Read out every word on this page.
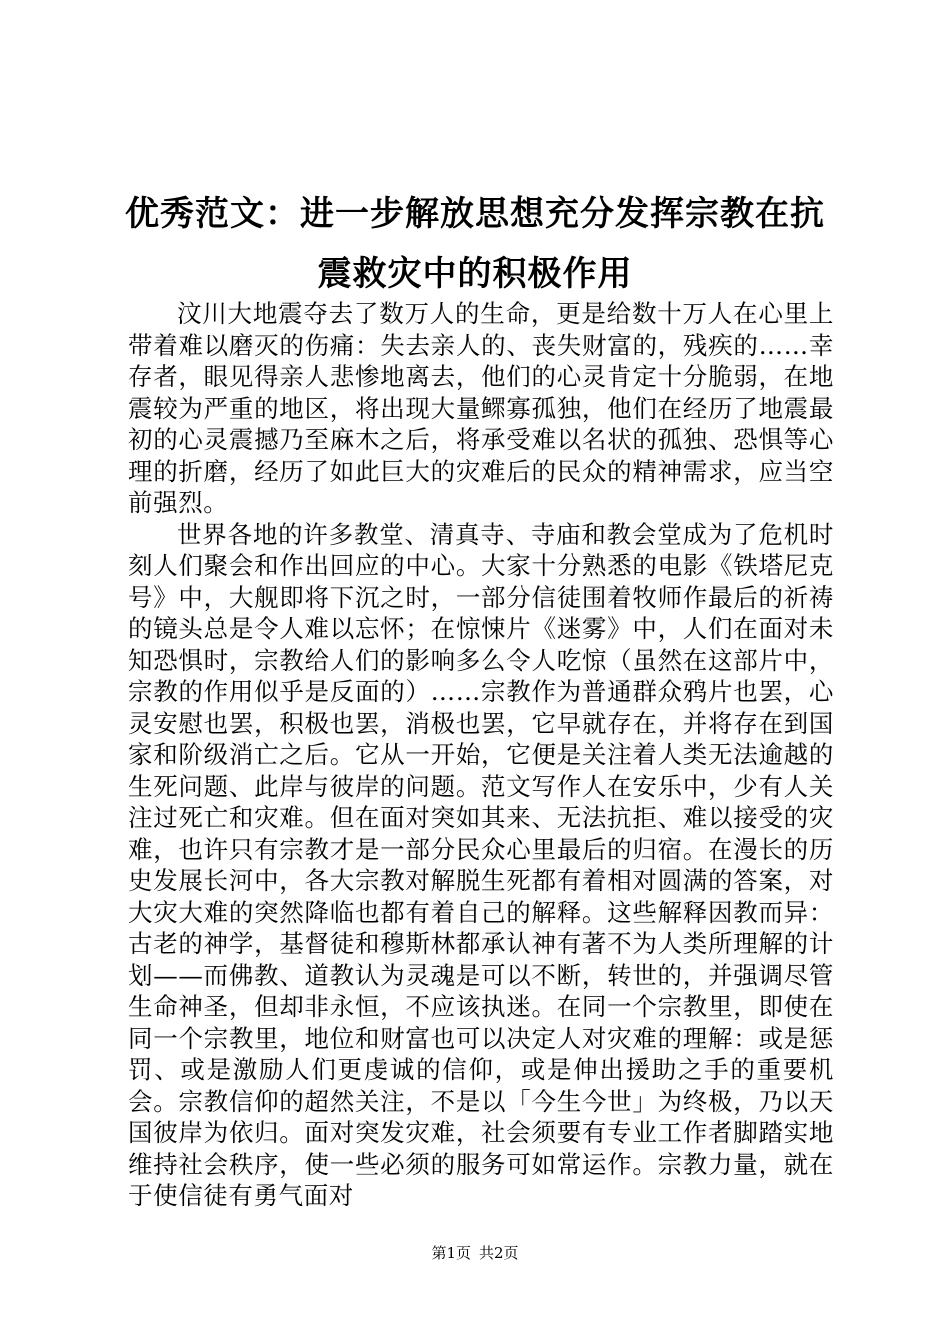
优秀范文：进一步解放思想充分发挥宗教在抗震救灾中的积极作用

汶川大地震夺去了数万人的生命，更是给数十万人在心里上带着难以磨灭的伤痛：失去亲人的、丧失财富的，残疾的……幸存者，眼见得亲人悲惨地离去，他们的心灵肯定十分脆弱，在地震较为严重的地区，将出现大量鳏寡孤独，他们在经历了地震最初的心灵震撼乃至麻木之后，将承受难以名状的孤独、恐惧等心理的折磨，经历了如此巨大的灾难后的民众的精神需求，应当空前强烈。

世界各地的许多教堂、清真寺、寺庙和教会堂成为了危机时刻人们聚会和作出回应的中心。大家十分熟悉的电影《铁塔尼克号》中，大舰即将下沉之时，一部分信徒围着牧师作最后的祈祷的镜头总是令人难以忘怀；在惊悚片《迷雾》中，人们在面对未知恐惧时，宗教给人们的影响多么令人吃惊（虽然在这部片中，宗教的作用似乎是反面的）……宗教作为普通群众鸦片也罢，心灵安慰也罢，积极也罢，消极也罢，它早就存在，并将存在到国家和阶级消亡之后。它从一开始，它便是关注着人类无法逾越的生死问题、此岸与彼岸的问题。范文写作人在安乐中，少有人关注过死亡和灾难。但在面对突如其来、无法抗拒、难以接受的灾难，也许只有宗教才是一部分民众心里最后的归宿。在漫长的历史发展长河中，各大宗教对解脱生死都有着相对圆满的答案，对大灾大难的突然降临也都有着自己的解释。这些解释因教而异：古老的神学，基督徒和穆斯林都承认神有著不为人类所理解的计划——而佛教、道教认为灵魂是可以不断，转世的，并强调尽管生命神圣，但却非永恒，不应该执迷。在同一个宗教里，即使在同一个宗教里，地位和财富也可以决定人对灾难的理解：或是惩罚、或是激励人们更虔诚的信仰，或是伸出援助之手的重要机会。宗教信仰的超然关注，不是以「今生今世」为终极，乃以天国彼岸为依归。面对突发灾难，社会须要有专业工作者脚踏实地维持社会秩序，使一些必须的服务可如常运作。宗教力量，就在于使信徒有勇气面对

第1页 共2页
